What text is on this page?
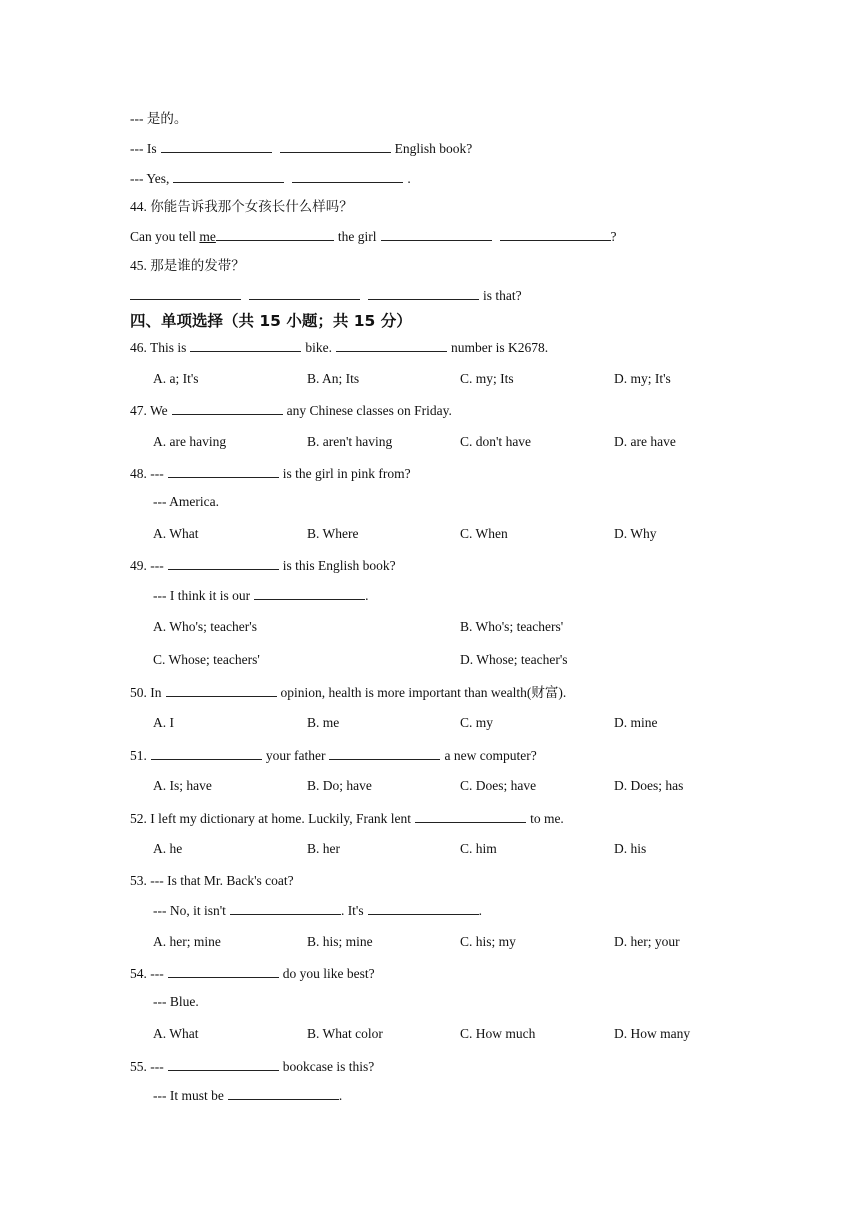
--- 是的。
--- Is	English book?
--- Yes,	.
44. 你能告诉我那个女孩长什么样吗？
Can you tell me	the girl	?
45. 那是谁的发带？
is that?
四、单项选择（共 15 小题；共 15 分）
46. This is	bike.	number is K2678.
A. a; It's	B. An; Its	C. my; Its	D. my; It's
47. We	any Chinese classes on Friday.
A. are having	B. aren't having	C. don't have	D. are have
48. ---	is the girl in pink from?
--- America.
A. What	B. Where	C. When	D. Why
49. ---	is this English book?
--- I think it is our	.
A. Who's; teacher's	B. Who's; teachers'
C. Whose; teachers'	D. Whose; teacher's
50. In	opinion, health is more important than wealth(财富).
A. I	B. me	C. my	D. mine
51.	your father	a new computer?
A. Is; have	B. Do; have	C. Does; have	D. Does; has
52. I left my dictionary at home. Luckily, Frank lent	to me.
A. he	B. her	C. him	D. his
53. --- Is that Mr. Back's coat?
--- No, it isn't	. It's	.
A. her; mine	B. his; mine	C. his; my	D. her; your
54. ---	do you like best?
--- Blue.
A. What	B. What color	C. How much	D. How many
55. ---	bookcase is this?
--- It must be	.
